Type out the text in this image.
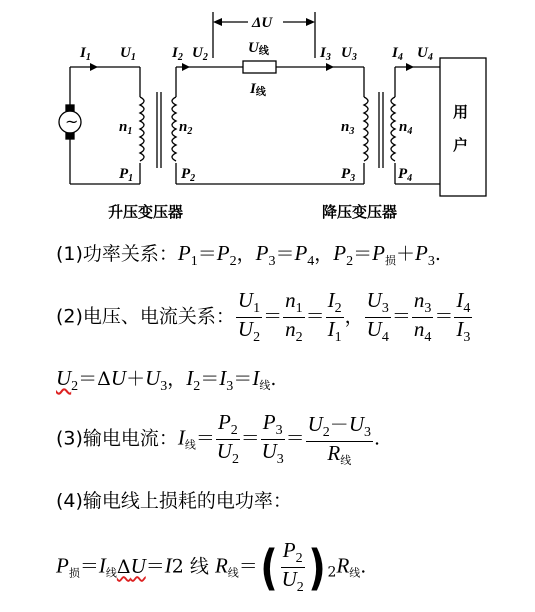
ΔU
~
$I_1$ $U_1$ $I_2$ $U_2$
U线
I线
$I_3$ $U_3$ $I_4$ $U_4$
$n_1$	$n_2$	$n_3$	$n_4$
$P_1$	$P_2$	$P_3$	$P_4$
用
户
升压变压器	降压变压器
(1)功率关系：$P_1=P_2$，$P_3=P_4$，$P_2=P_损+P_3$.
(2)电压、电流关系： $\frac{U_1}{U_2} = \frac{n_1}{n_2} = \frac{I_2}{I_1}$ ， $\frac{U_3}{U_4} = \frac{n_3}{n_4} = \frac{I_4}{I_3}$
$U_2=\Delta U+U_3$，$I_2=I_3=I_线$.
(3)输电电流：$I_线= \frac{P_2}{U_2} = \frac{P_3}{U_3} = \frac{U_2-U_3}{R_线}$ .
(4)输电线上损耗的电功率：
$P_损=I_线\Delta U=I2$ 线 $R_线=( \frac{P_2}{U_2}$ ) $_2R_线$.
